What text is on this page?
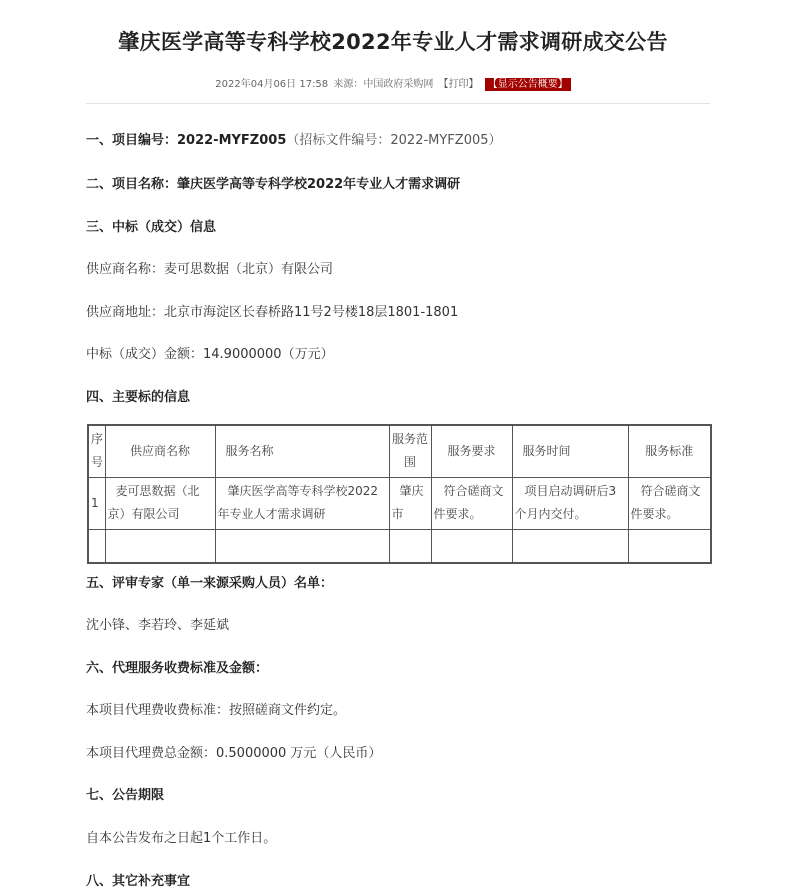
肇庆医学高等专科学校2022年专业人才需求调研成交公告
2022年04月06日 17:58 来源：中国政府采购网 【打印】 【显示公告概要】
一、项目编号：2022-MYFZ005（招标文件编号：2022-MYFZ005）
二、项目名称：肇庆医学高等专科学校2022年专业人才需求调研
三、中标（成交）信息
供应商名称：麦可思数据（北京）有限公司
供应商地址：北京市海淀区长春桥路11号2号楼18层1801-1801
中标（成交）金额：14.9000000（万元）
四、主要标的信息
序号	供应商名称	服务名称	服务范围	服务要求	服务时间	服务标准
1	麦可思数据（北京）有限公司	肇庆医学高等专科学校2022年专业人才需求调研	肇庆市	符合磋商文件要求。	项目启动调研后3个月内交付。	符合磋商文件要求。

五、评审专家（单一来源采购人员）名单：
沈小锋、李若玲、李延斌
六、代理服务收费标准及金额：
本项目代理费收费标准：按照磋商文件约定。
本项目代理费总金额：0.5000000 万元（人民币）
七、公告期限
自本公告发布之日起1个工作日。
八、其它补充事宜
